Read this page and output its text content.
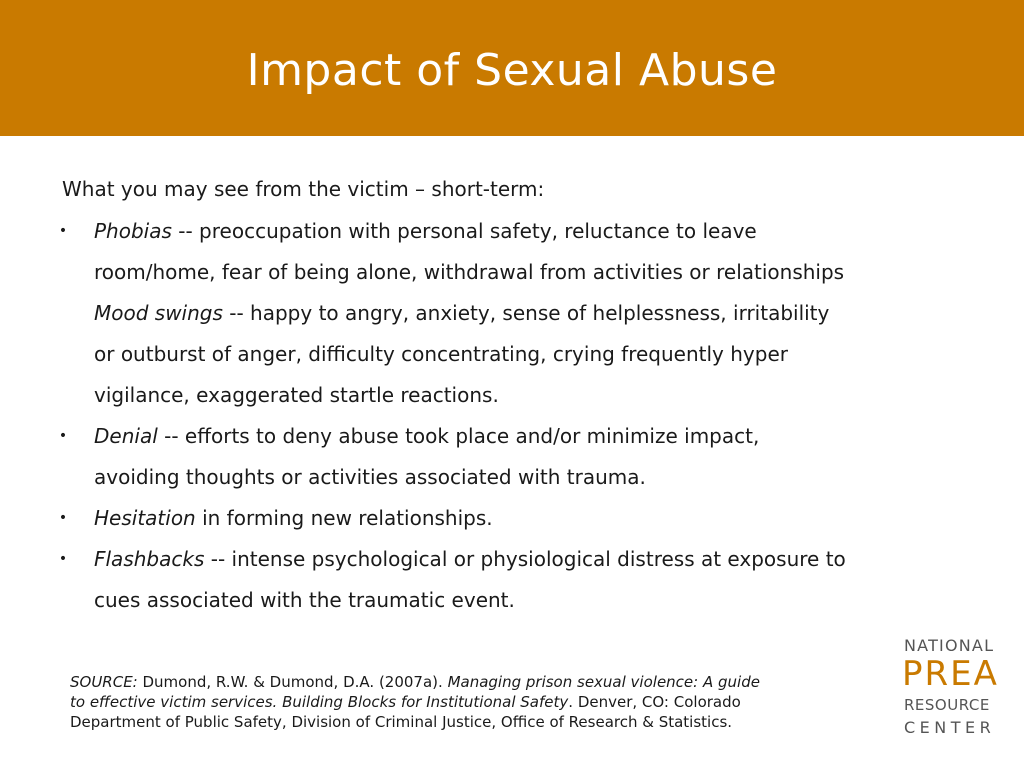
Impact of Sexual Abuse
What you may see from the victim – short-term:
• Phobias -- preoccupation with personal safety, reluctance to leave
room/home, fear of being alone, withdrawal from activities or relationships
Mood swings -- happy to angry, anxiety, sense of helplessness, irritability
or outburst of anger, difficulty concentrating, crying frequently hyper
vigilance, exaggerated startle reactions.
• Denial -- efforts to deny abuse took place and/or minimize impact,
avoiding thoughts or activities associated with trauma.
• Hesitation in forming new relationships.
• Flashbacks -- intense psychological or physiological distress at exposure to
cues associated with the traumatic event.
SOURCE: Dumond, R.W. & Dumond, D.A. (2007a). Managing prison sexual violence: A guide
to effective victim services. Building Blocks for Institutional Safety. Denver, CO: Colorado
Department of Public Safety, Division of Criminal Justice, Office of Research & Statistics.
NATIONAL
PREA
RESOURCE
CENTER
